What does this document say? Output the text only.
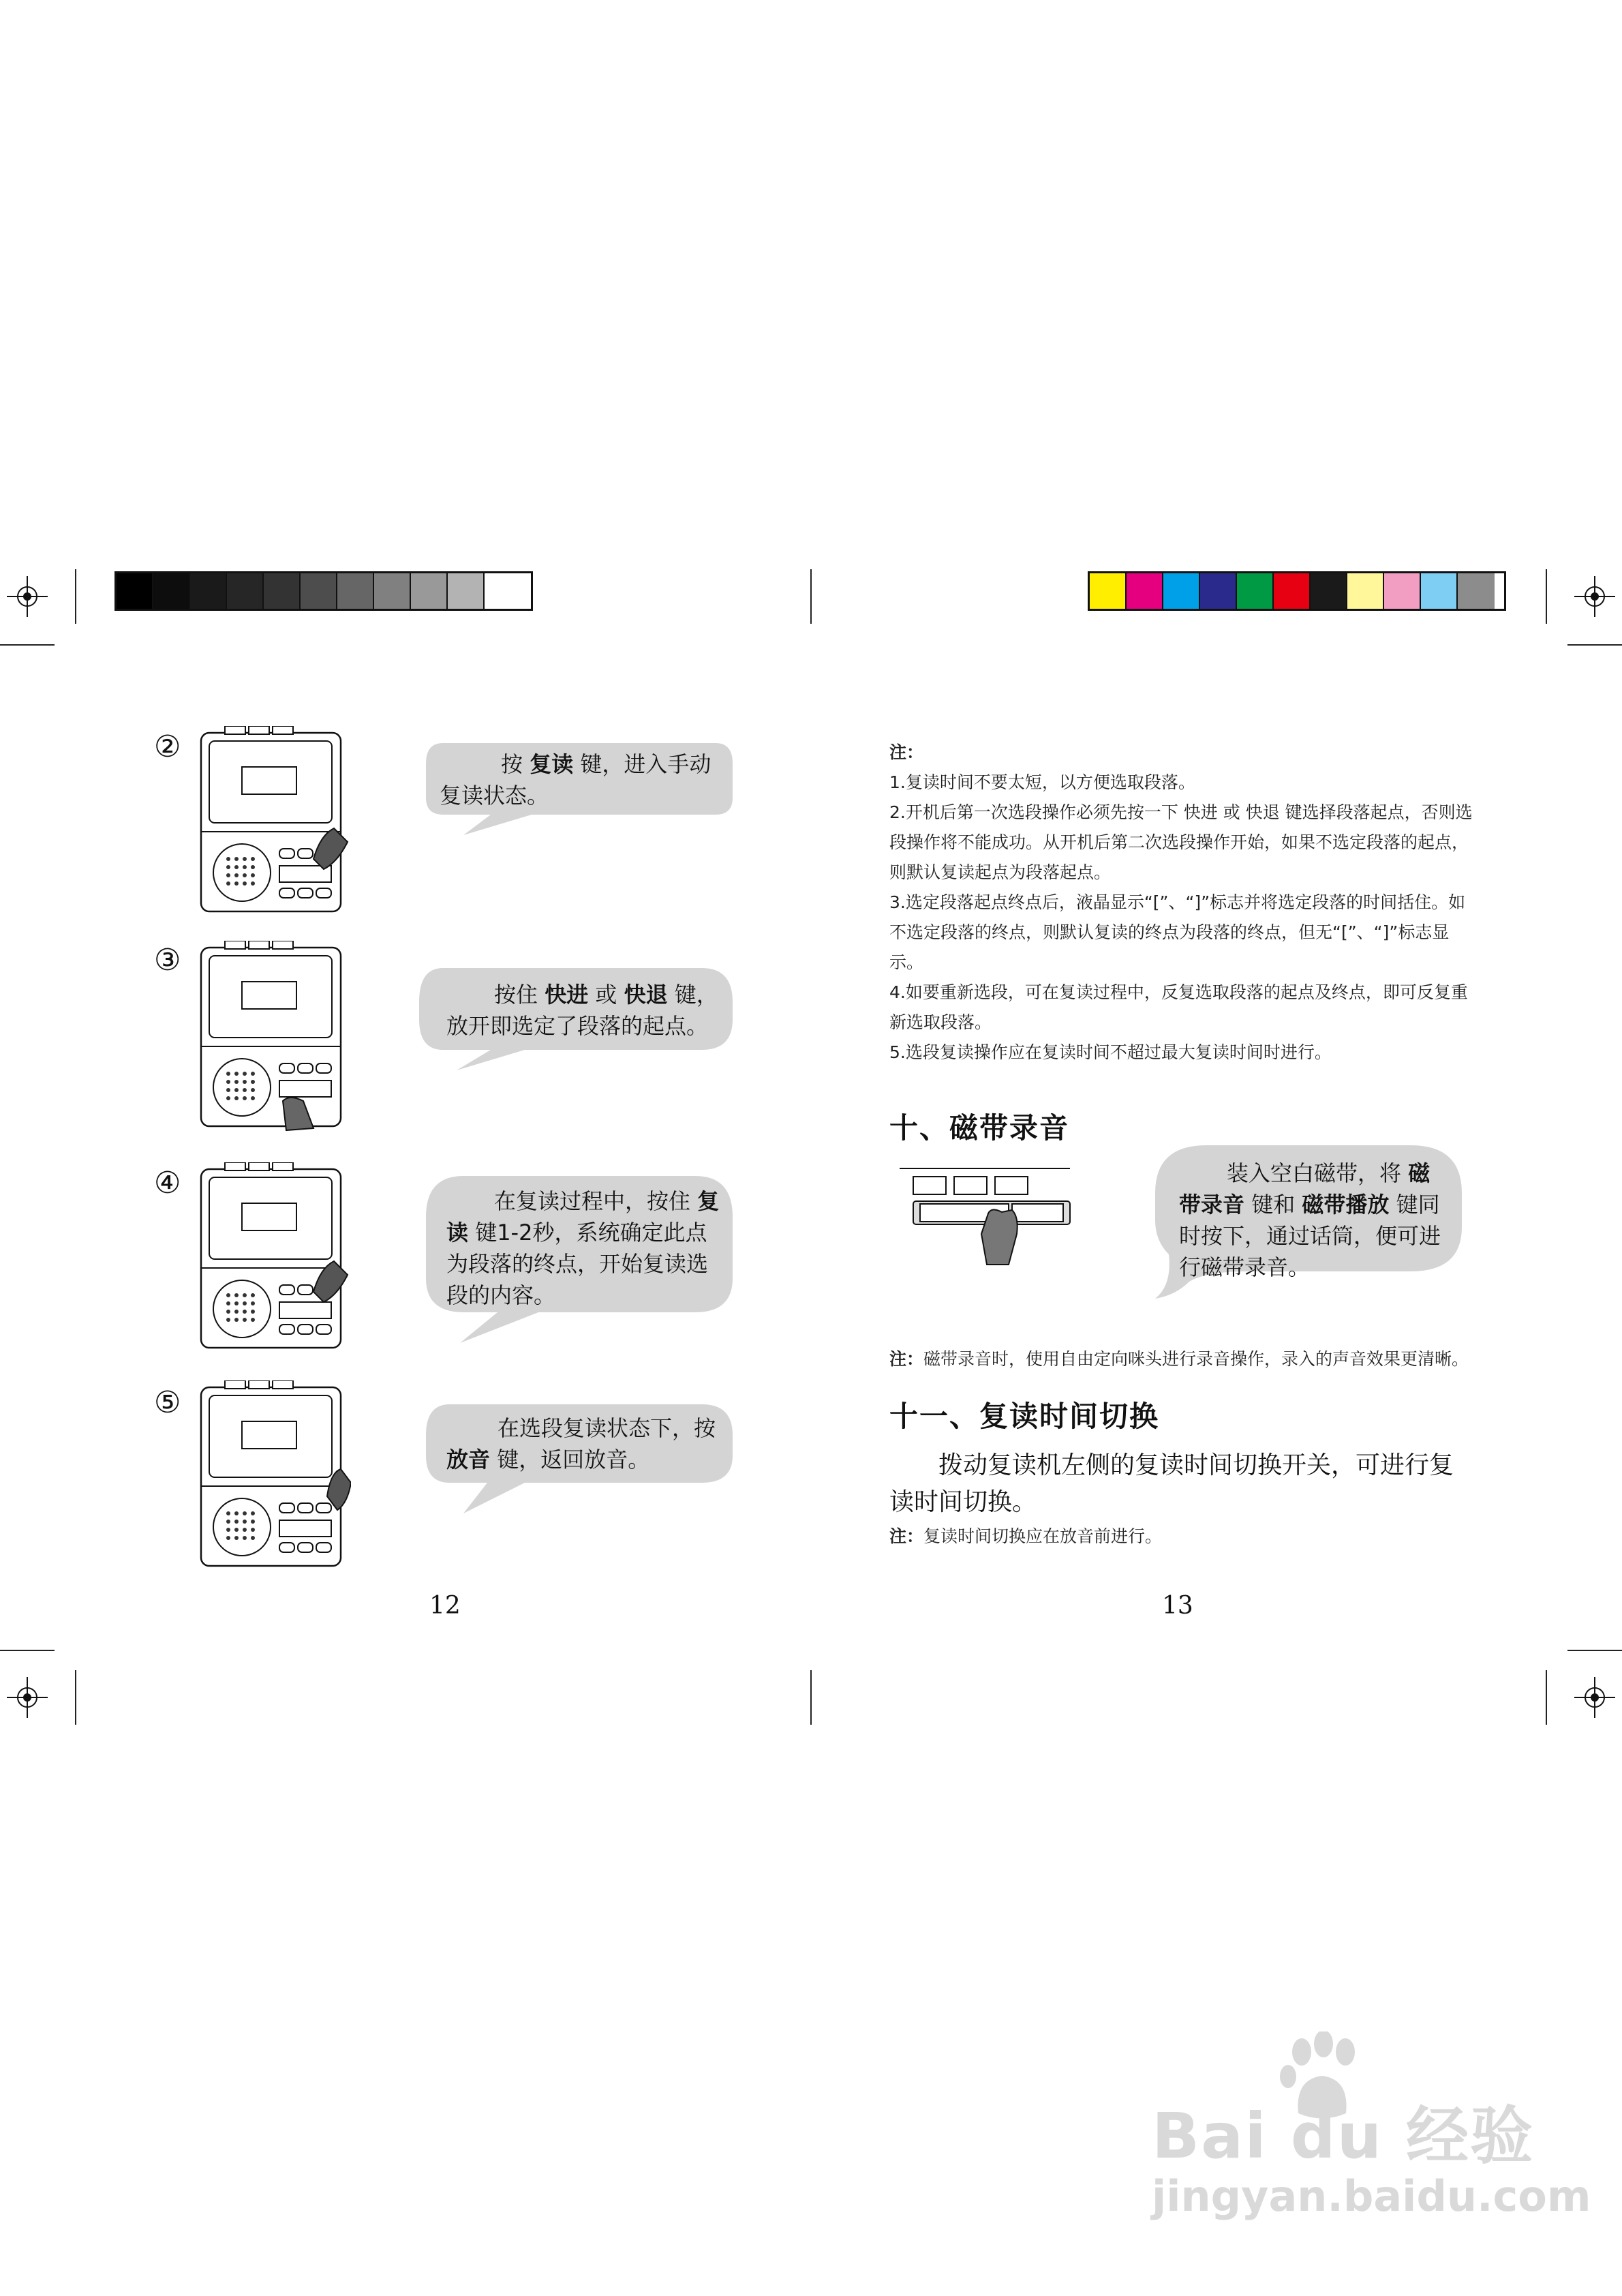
②
③
④
⑤
按 复读 键，进入手动复读状态。
按住 快进 或 快退 键，放开即选定了段落的起点。
在复读过程中，按住 复读 键1-2秒，系统确定此点为段落的终点，开始复读选段的内容。
在选段复读状态下，按 放音 键，返回放音。
12
注：
1.复读时间不要太短，以方便选取段落。
2.开机后第一次选段操作必须先按一下 快进 或 快退 键选择段落起点，否则选段操作将不能成功。从开机后第二次选段操作开始，如果不选定段落的起点，则默认复读起点为段落起点。
3.选定段落起点终点后，液晶显示“[”、“]”标志并将选定段落的时间括住。如不选定段落的终点，则默认复读的终点为段落的终点，但无“[”、“]”标志显示。
4.如要重新选段，可在复读过程中，反复选取段落的起点及终点，即可反复重新选取段落。
5.选段复读操作应在复读时间不超过最大复读时间时进行。
十、磁带录音
装入空白磁带，将 磁带录音 键和 磁带播放 键同时按下，通过话筒，便可进行磁带录音。
注：磁带录音时，使用自由定向咪头进行录音操作，录入的声音效果更清晰。
十一、复读时间切换
拨动复读机左侧的复读时间切换开关，可进行复读时间切换。
注：复读时间切换应在放音前进行。
13
Bai du 经验
jingyan.baidu.com
